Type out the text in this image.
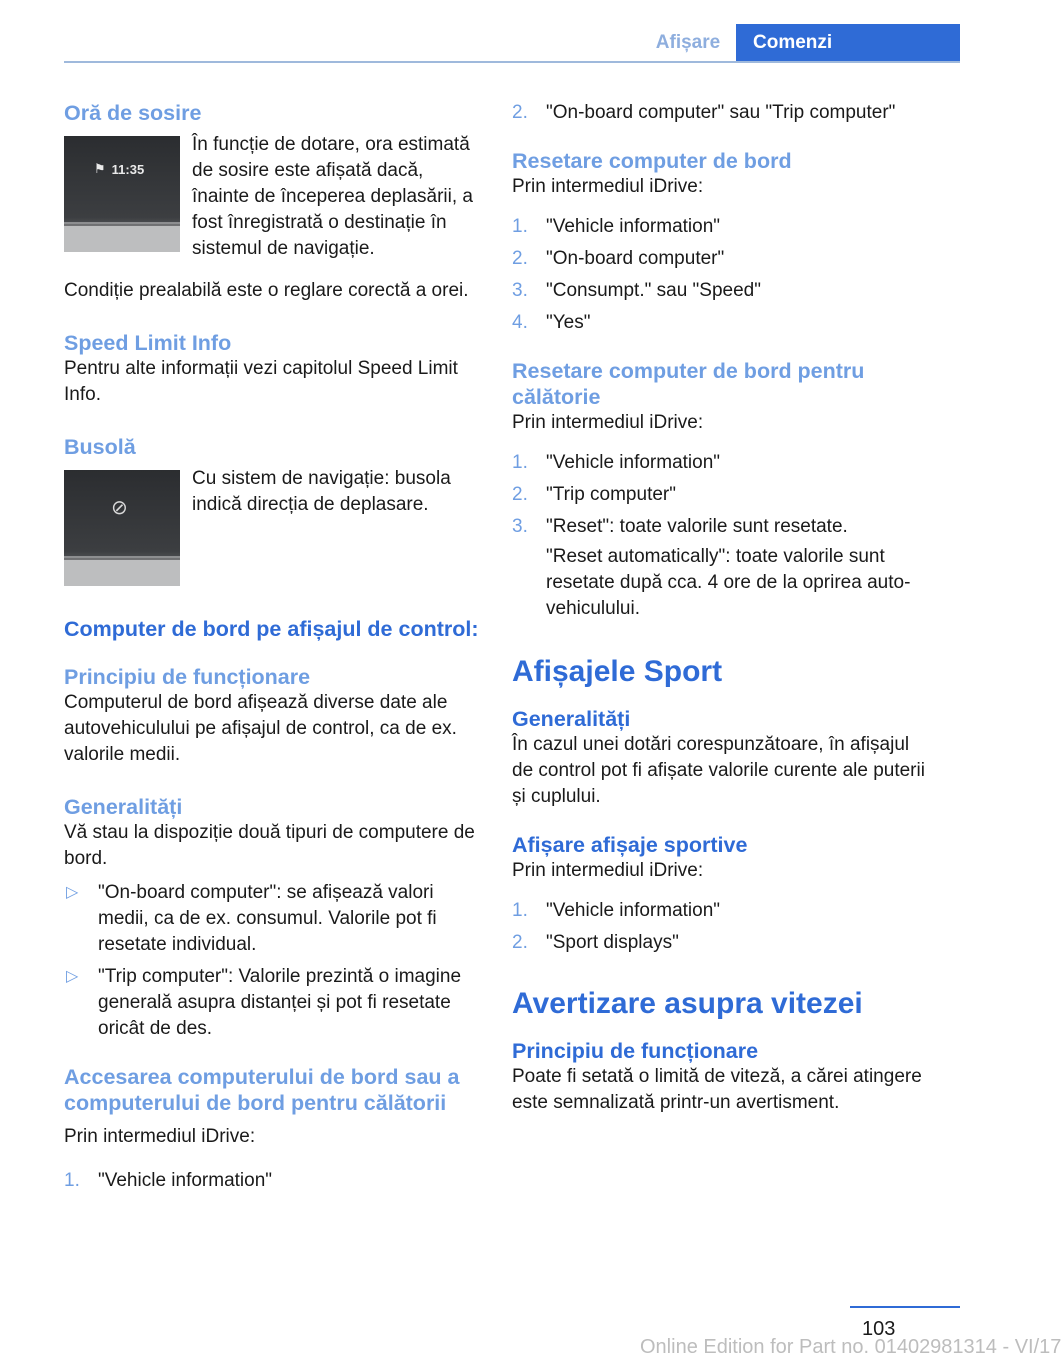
Afișare	Comenzi
Oră de sosire
⚑ 11:35

În funcție de dotare, ora estimată de sosire este afișată dacă, înainte de începerea deplasării, a fost înregistrată o destinație în sistemul de navigație.

Condiție prealabilă este o reglare corectă a orei.

Speed Limit Info

Pentru alte informații vezi capitolul Speed Limit Info.

Busolă
⊘

Cu sistem de navigație: busola indică direcția de deplasare.

Computer de bord pe afișajul de control:
Principiu de funcționare

Computerul de bord afișează diverse date ale autovehiculului pe afișajul de control, ca de ex. valorile medii.

Generalități

Vă stau la dispoziție două tipuri de computere de bord.

▷	"On-board computer": se afișează valori medii, ca de ex. consumul. Valorile pot fi resetate individual.
▷	"Trip computer": Valorile prezintă o imagine generală asupra distanței și pot fi resetate oricât de des.
Accesarea computerului de bord sau a computerului de bord pentru călătorii

Prin intermediul iDrive:

1. "Vehicle information"
2. "On-board computer" sau "Trip computer"
Resetare computer de bord

Prin intermediul iDrive:

1. "Vehicle information"
2. "On-board computer"
3. "Consumpt." sau "Speed"
4. "Yes"
Resetare computer de bord pentru călătorie

Prin intermediul iDrive:

1. "Vehicle information"
2. "Trip computer"
3. "Reset": toate valorile sunt resetate.

"Reset automatically": toate valorile sunt resetate după cca. 4 ore de la oprirea autovehiculului.

Afișajele Sport
Generalități

În cazul unei dotări corespunzătoare, în afișajul de control pot fi afișate valorile curente ale puterii și cuplului.

Afișare afișaje sportive

Prin intermediul iDrive:

1. "Vehicle information"
2. "Sport displays"
Avertizare asupra vitezei
Principiu de funcționare

Poate fi setată o limită de viteză, a cărei atingere este semnalizată printr-un avertisment.

103
Online Edition for Part no. 01402981314 - VI/17
